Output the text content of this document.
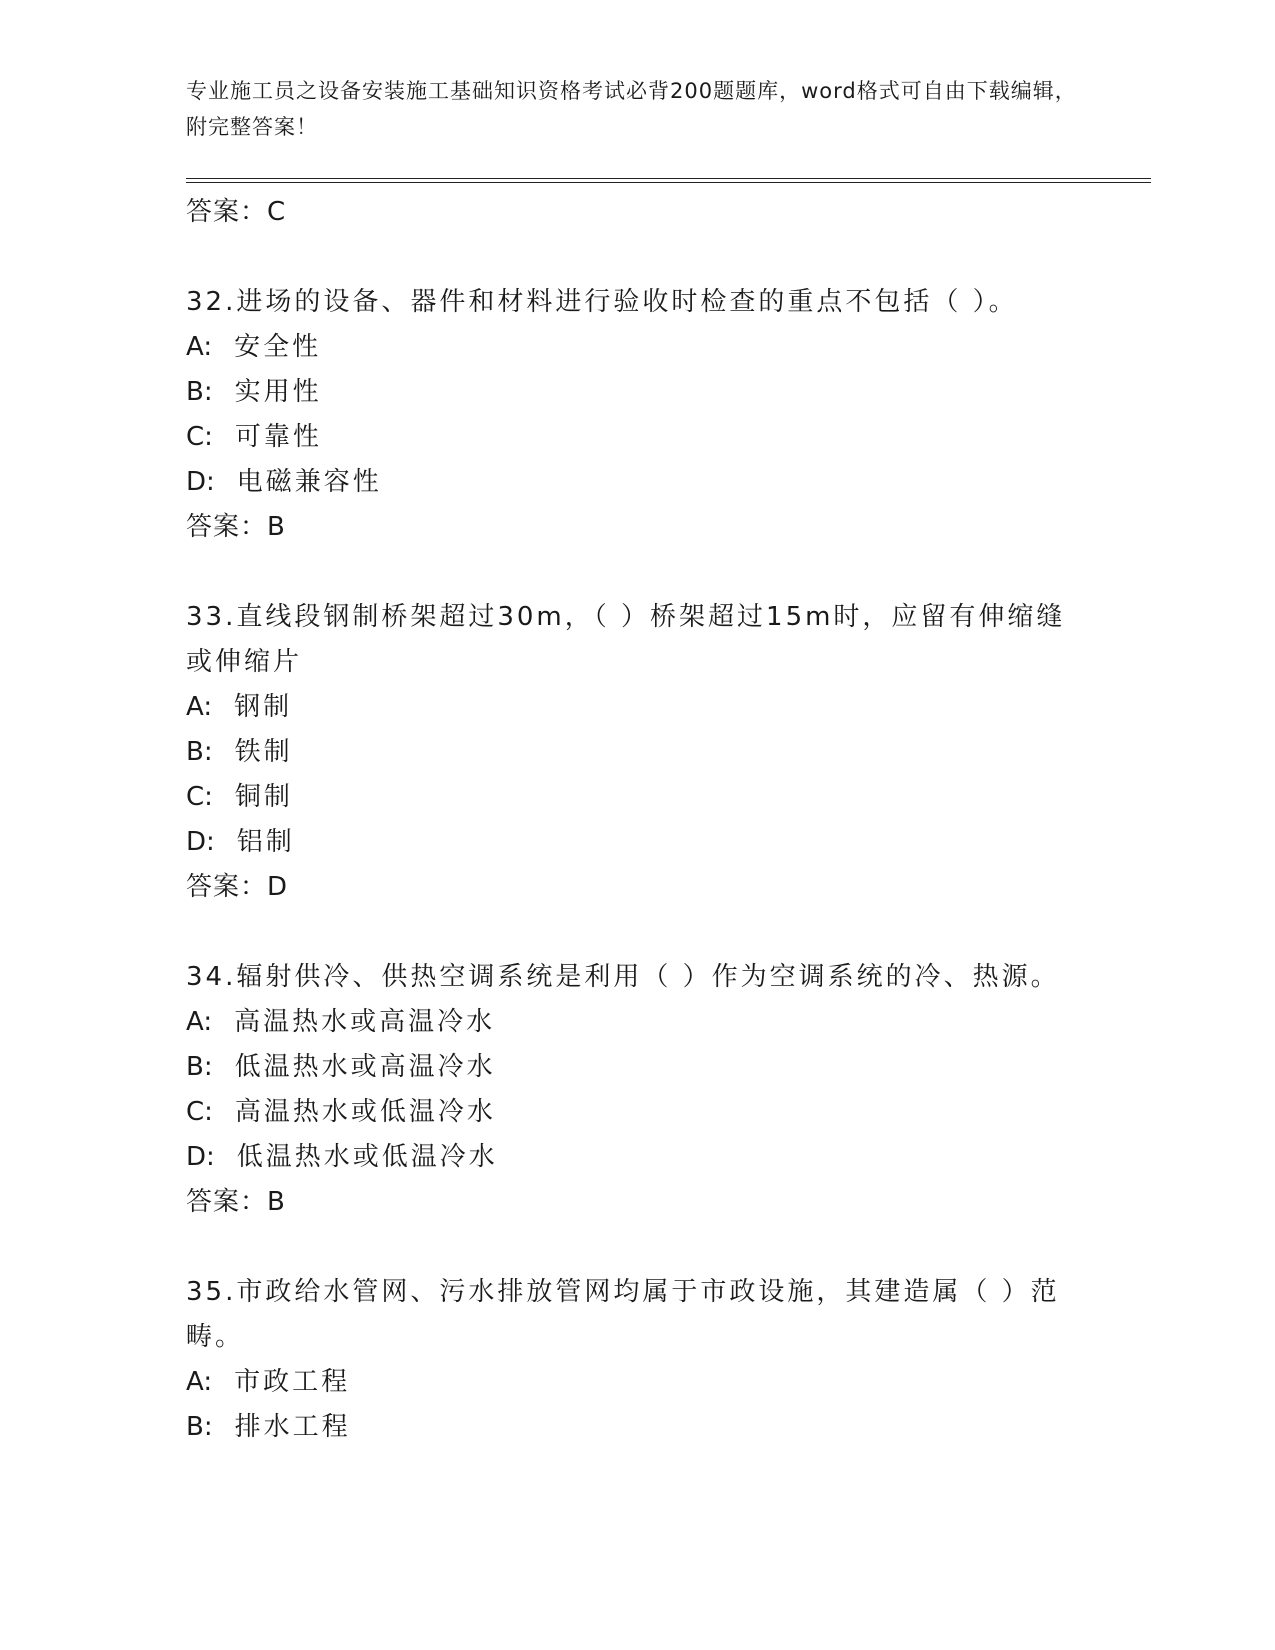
专业施工员之设备安装施工基础知识资格考试必背200题题库，word格式可自由下载编辑，附完整答案！
答案：C
32.进场的设备、器件和材料进行验收时检查的重点不包括（ ）。
A: 安全性
B: 实用性
C: 可靠性
D: 电磁兼容性
答案：B
33.直线段钢制桥架超过30m，（ ）桥架超过15m时，应留有伸缩缝或伸缩片
A: 钢制
B: 铁制
C: 铜制
D: 铝制
答案：D
34.辐射供冷、供热空调系统是利用（ ）作为空调系统的冷、热源。
A: 高温热水或高温冷水
B: 低温热水或高温冷水
C: 高温热水或低温冷水
D: 低温热水或低温冷水
答案：B
35.市政给水管网、污水排放管网均属于市政设施，其建造属（ ）范畴。
A: 市政工程
B: 排水工程
